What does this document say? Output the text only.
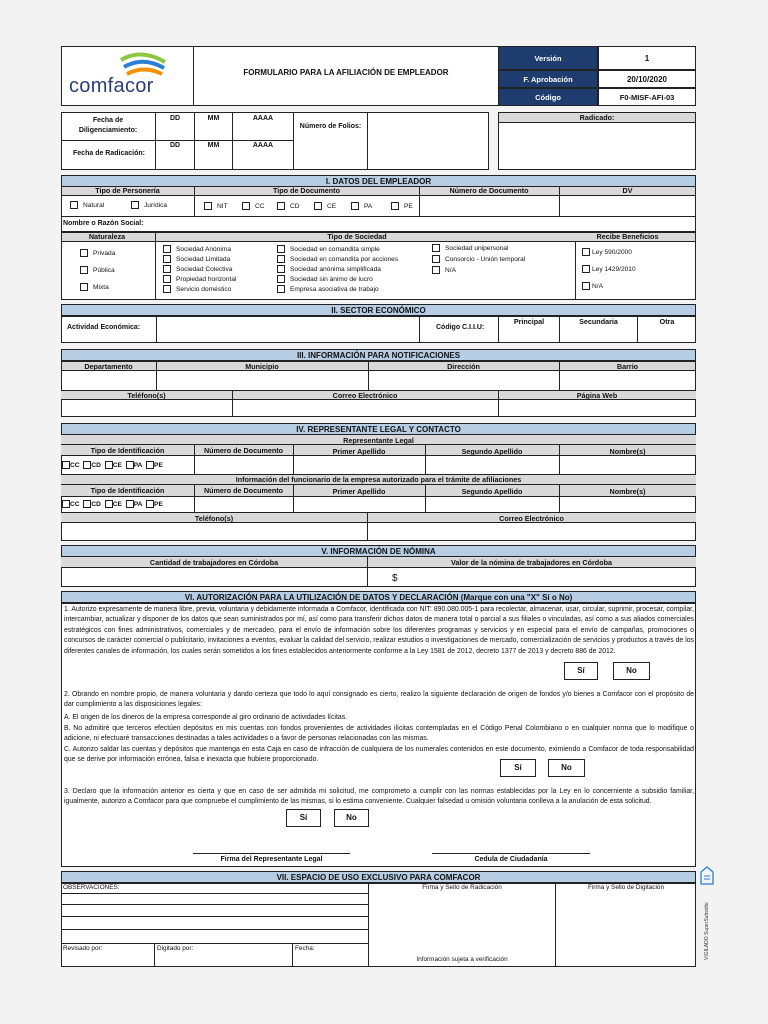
comfacor
FORMULARIO PARA LA AFILIACIÓN DE EMPLEADOR
Versión	1
F. Aprobación	20/10/2020
Código	F0-MISF-AFI-03
Fecha de Diligenciamiento:
Fecha de Radicación:
DD	MM	AAAA
DD	MM	AAAA
Número de Folios:
Radicado:
I. DATOS DEL EMPLEADOR
Tipo de Personería	Tipo de Documento	Número de Documento	DV
Natural	Jurídica	NIT	CC	CD	CE	PA	PE
Nombre o Razón Social:
Naturaleza	Tipo de Sociedad	Recibe Beneficios
Privada
Pública
Mixta
Sociedad Anónima
Sociedad Limitada
Sociedad Colectiva
Propiedad horizontal
Servicio doméstico
Sociedad en comandita simple
Sociedad en comandita por acciones
Sociedad anónima simplificada
Sociedad sin ánimo de lucro
Empresa asociativa de trabajo
Sociedad unipersonal
Consorcio - Unión temporal
N/A
Ley 590/2000
Ley 1429/2010
N/A
II. SECTOR ECONÓMICO
Actividad Económica:	Código C.I.I.U:
Principal	Secundaria	Otra
III. INFORMACIÓN PARA NOTIFICACIONES
Departamento	Municipio	Dirección	Barrio
Teléfono(s)	Correo Electrónico	Página Web
IV. REPRESENTANTE LEGAL Y CONTACTO
Representante Legal
Tipo de Identificación	Número de Documento	Primer Apellido	Segundo Apellido	Nombre(s)
CC CD CE PA PE
Información del funcionario de la empresa autorizado para el trámite de afiliaciones
Tipo de Identificación	Número de Documento	Primer Apellido	Segundo Apellido	Nombre(s)
CC CD CE PA PE
Teléfono(s)	Correo Electrónico
V. INFORMACIÓN DE NÓMINA
Cantidad de trabajadores en Córdoba	Valor de la nómina de trabajadores en Córdoba
$
VI. AUTORIZACIÓN PARA LA UTILIZACIÓN DE DATOS Y DECLARACIÓN (Marque con una "X" Sí o No)
1. Autorizo expresamente de manera libre, previa, voluntaria y debidamente informada a Comfacor, identificada con NIT: 890.080.005-1 para recolectar, almacenar, usar, circular, suprimir, procesar, compilar, intercambiar, actualizar y disponer de los datos que sean suministrados por mí, así como para transferir dichos datos de manera total o parcial a sus filiales o vinculadas, así como a sus aliados comerciales estratégicos con fines administrativos, comerciales y de mercadeo, para el envío de información sobre los diferentes programas y servicios y en especial para el envío de campañas, promociones o concursos de carácter comercial o publicitario, invitaciones a eventos, evaluar la calidad del servicio, realizar estudios o investigaciones de mercado, comercialización de servicios y productos a través de los diferentes canales de información, los cuales serán sometidos a los fines establecidos anteriormente conforme a la Ley 1581 de 2012, decreto 1377 de 2013 y decreto 886 de 2012.
Sí	No
2. Obrando en nombre propio, de manera voluntaria y dando certeza que todo lo aquí consignado es cierto, realizo la siguiente declaración de origen de fondos y/o bienes a Comfacor con el propósito de dar cumplimiento a las disposiciones legales:
A. El origen de los dineros de la empresa corresponde al giro ordinario de actividades lícitas.
B. No admitiré que terceros efectúen depósitos en mis cuentas con fondos provenientes de actividades ilícitas contempladas en el Código Penal Colombiano o en cualquier norma que lo modifique o adicione, ni efectuaré transacciones destinadas a tales actividades o a favor de personas relacionadas con las mismas.
C. Autorizo saldar las cuentas y depósitos que mantenga en esta Caja en caso de infracción de cualquiera de los numerales contenidos en este documento, eximiendo a Comfacor de toda responsabilidad que se derive por información errónea, falsa e inexacta que hubiere proporcionado.
Sí	No
3. Declaro que la información anterior es cierta y que en caso de ser admitida mi solicitud, me comprometo a cumplir con las normas establecidas por la Ley en lo concerniente a subsidio familiar, igualmente, autorizo a Comfacor para que compruebe el cumplimiento de las mismas, si lo estima conveniente. Cualquier falsedad u omisión voluntaria conlleva a la anulación de esta solicitud.
Sí	No
Firma del Representante Legal	Cedula de Ciudadanía
VII. ESPACIO DE USO EXCLUSIVO PARA COMFACOR
OBSERVACIONES:	Firma y Sello de Radicación	Firma y Sello de Digitación
Revisado por:	Digitado por:	Fecha:
Información sujeta a verificación	VIGILADO SuperSubsidio
